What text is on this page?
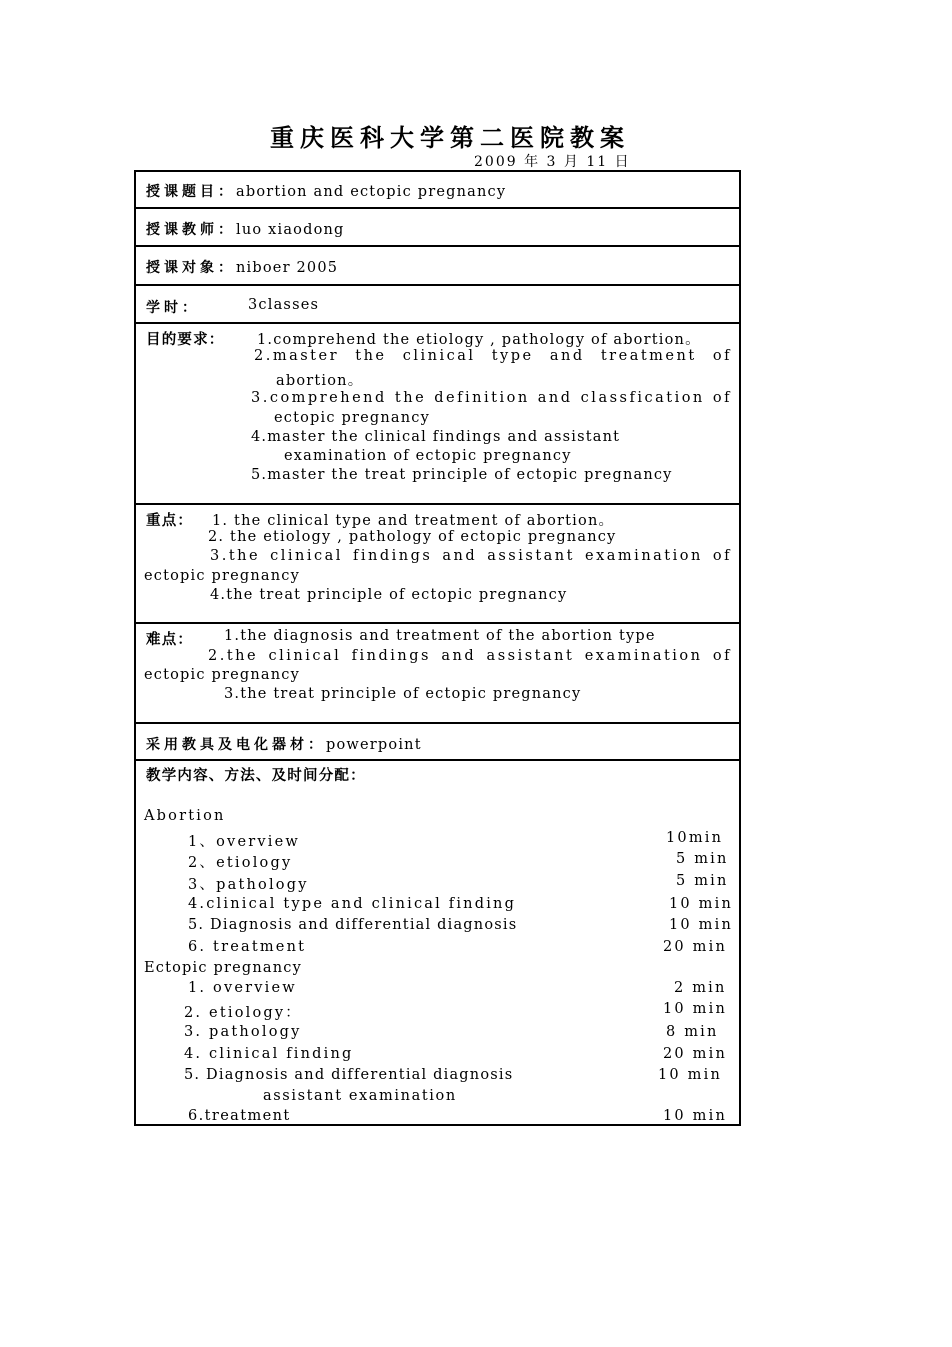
重庆医科大学第二医院教案
2009 年 3 月 11 日
授课题目：abortion and ectopic pregnancy
授课教师：luo xiaodong
授课对象：niboer 2005
学时：	3classes
目的要求： 1.comprehend the etiology , pathology of abortion。
2.master the clinical type and treatment of
abortion。
3.comprehend the definition and classfication of
ectopic pregnancy
4.master the clinical findings and assistant
examination of ectopic pregnancy
5.master the treat principle of ectopic pregnancy
重点： 1. the clinical type and treatment of abortion。
2. the etiology , pathology of ectopic pregnancy
3.the clinical findings and assistant examination of
ectopic pregnancy
4.the treat principle of ectopic pregnancy
难点： 1.the diagnosis and treatment of the abortion type
2.the clinical findings and assistant examination of
ectopic pregnancy
3.the treat principle of ectopic pregnancy
采用教具及电化器材：powerpoint
教学内容、方法、及时间分配：
Abortion
1、overview	10min
2、etiology	5 min
3、pathology	5 min
4.clinical type and clinical finding	10 min
5. Diagnosis and differential diagnosis	10 min
6. treatment	20 min
Ectopic pregnancy
1. overview	2 min
2. etiology：	10 min
3. pathology	8 min
4. clinical finding	20 min
5. Diagnosis and differential diagnosis	10 min
assistant examination
6.treatment	10 min
